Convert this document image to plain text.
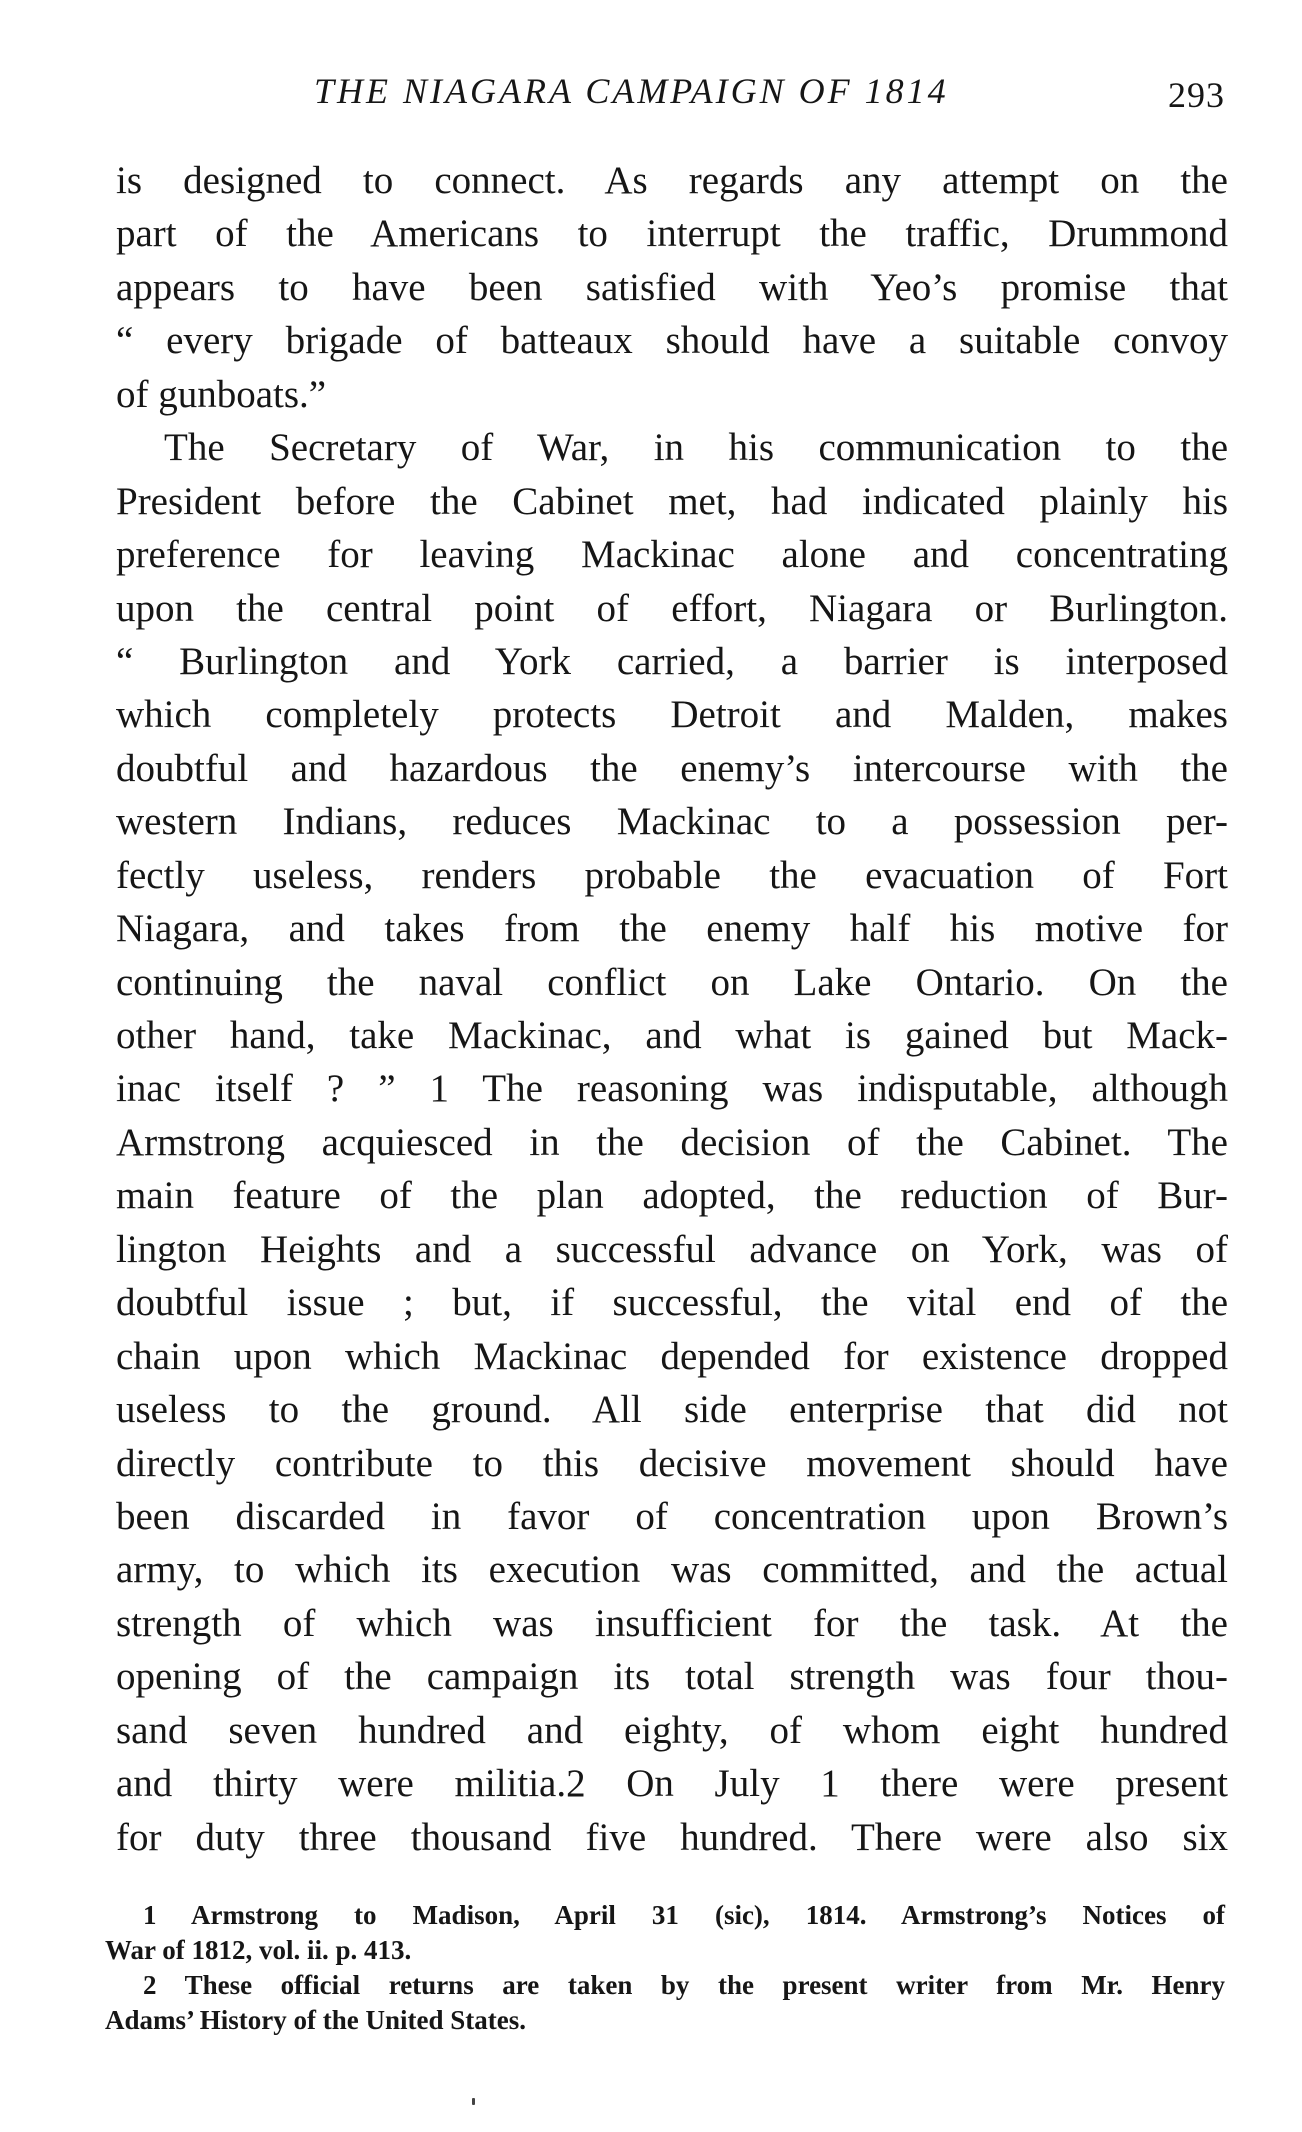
THE NIAGARA CAMPAIGN OF 1814	293
is designed to connect. As regards any attempt on the
part of the Americans to interrupt the traffic, Drummond
appears to have been satisfied with Yeo’s promise that
“ every brigade of batteaux should have a suitable convoy
of gunboats.”
The Secretary of War, in his communication to the
President before the Cabinet met, had indicated plainly his
preference for leaving Mackinac alone and concentrating
upon the central point of effort, Niagara or Burlington.
“ Burlington and York carried, a barrier is interposed
which completely protects Detroit and Malden, makes
doubtful and hazardous the enemy’s intercourse with the
western Indians, reduces Mackinac to a possession per-
fectly useless, renders probable the evacuation of Fort
Niagara, and takes from the enemy half his motive for
continuing the naval conflict on Lake Ontario. On the
other hand, take Mackinac, and what is gained but Mack-
inac itself ? ” 1 The reasoning was indisputable, although
Armstrong acquiesced in the decision of the Cabinet. The
main feature of the plan adopted, the reduction of Bur-
lington Heights and a successful advance on York, was of
doubtful issue ; but, if successful, the vital end of the
chain upon which Mackinac depended for existence dropped
useless to the ground. All side enterprise that did not
directly contribute to this decisive movement should have
been discarded in favor of concentration upon Brown’s
army, to which its execution was committed, and the actual
strength of which was insufficient for the task. At the
opening of the campaign its total strength was four thou-
sand seven hundred and eighty, of whom eight hundred
and thirty were militia.2 On July 1 there were present
for duty three thousand five hundred. There were also six
1 Armstrong to Madison, April 31 (sic), 1814. Armstrong’s Notices of
War of 1812, vol. ii. p. 413.
2 These official returns are taken by the present writer from Mr. Henry
Adams’ History of the United States.
